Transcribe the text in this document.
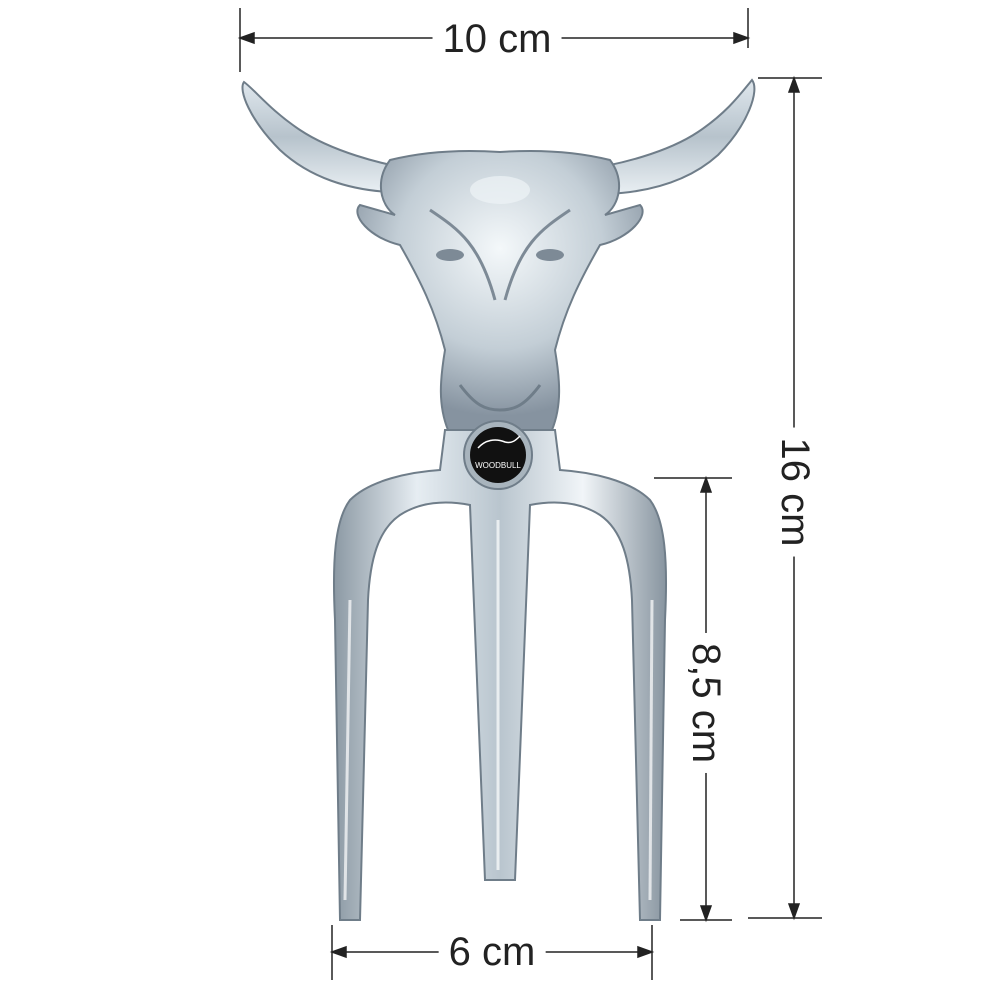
WOODBULL
10 cm
16 cm
8,5 cm
6 cm
